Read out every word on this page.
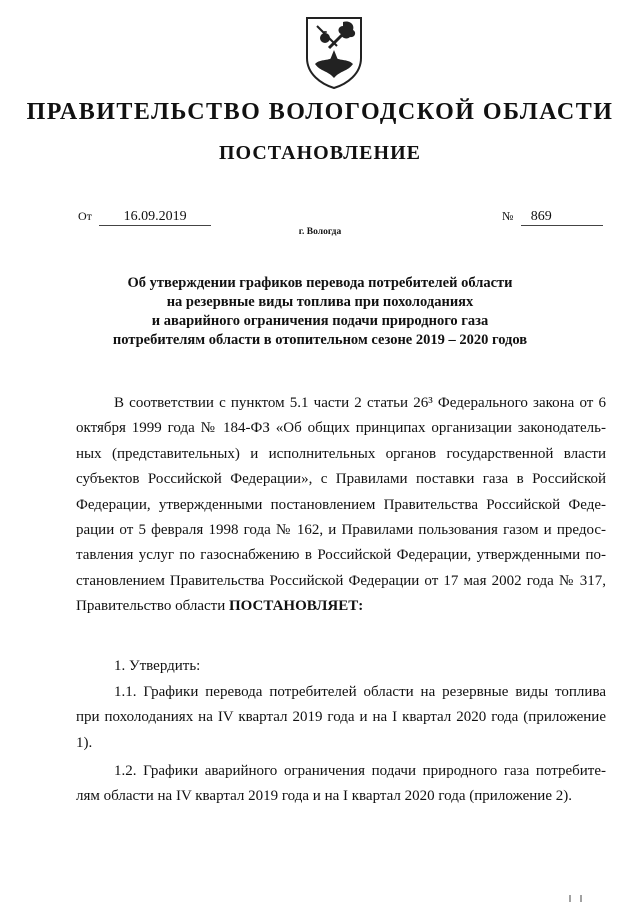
ПРАВИТЕЛЬСТВО ВОЛОГОДСКОЙ ОБЛАСТИ
ПОСТАНОВЛЕНИЕ
От 16.09.2019	№ 869
г. Вологда
Об утверждении графиков перевода потребителей области
на резервные виды топлива при похолоданиях
и аварийного ограничения подачи природного газа
потребителям области в отопительном сезоне 2019 – 2020 годов
В соответствии с пунктом 5.1 части 2 статьи 26³ Федерального закона от 6
октября 1999 года № 184-ФЗ «Об общих принципах организации законодатель-
ных (представительных) и исполнительных органов государственной власти
субъектов Российской Федерации», с Правилами поставки газа в Российской
Федерации, утвержденными постановлением Правительства Российской Феде-
рации от 5 февраля 1998 года № 162, и Правилами пользования газом и предос-
тавления услуг по газоснабжению в Российской Федерации, утвержденными по-
становлением Правительства Российской Федерации от 17 мая 2002 года № 317,
Правительство области ПОСТАНОВЛЯЕТ:
1. Утвердить:
1.1. Графики перевода потребителей области на резервные виды топлива
при похолоданиях на IV квартал 2019 года и на I квартал 2020 года (приложение
1).
1.2. Графики аварийного ограничения подачи природного газа потребите-
лям области на IV квартал 2019 года и на I квартал 2020 года (приложение 2).
